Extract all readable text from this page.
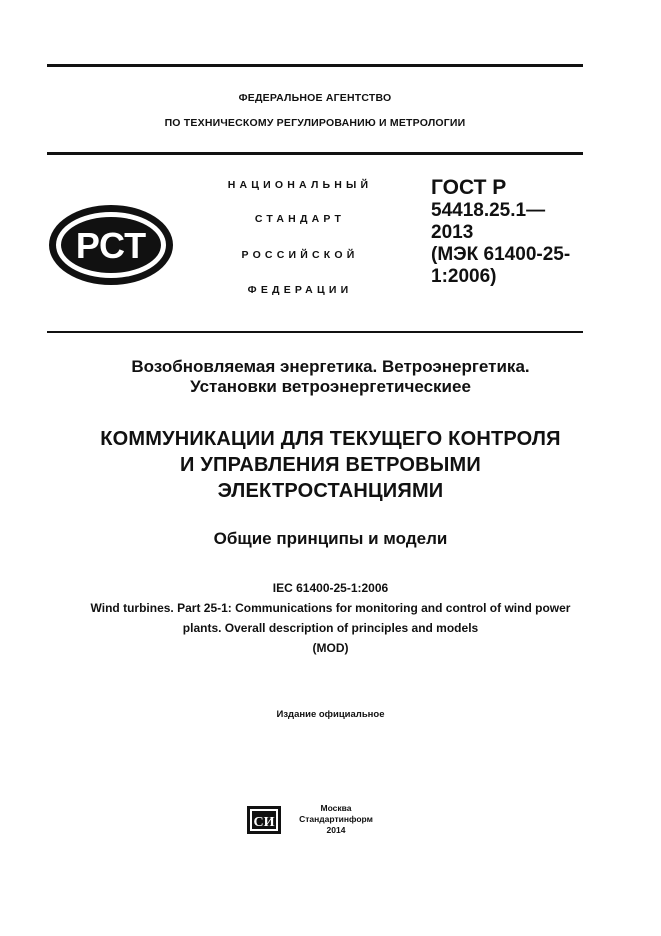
ФЕДЕРАЛЬНОЕ АГЕНТСТВО
ПО ТЕХНИЧЕСКОМУ РЕГУЛИРОВАНИЮ И МЕТРОЛОГИИ
РСТ
НАЦИОНАЛЬНЫЙ
СТАНДАРТ
РОССИЙСКОЙ
ФЕДЕРАЦИИ
ГОСТ Р
54418.25.1—
2013
(МЭК 61400-25-
1:2006)
Возобновляемая энергетика. Ветроэнергетика.
Установки ветроэнергетическиее
КОММУНИКАЦИИ ДЛЯ ТЕКУЩЕГО КОНТРОЛЯ
И УПРАВЛЕНИЯ ВЕТРОВЫМИ
ЭЛЕКТРОСТАНЦИЯМИ
Общие принципы и модели
IEC 61400-25-1:2006
Wind turbines. Part 25-1: Communications for monitoring and control of wind power
plants. Overall description of principles and models
(MOD)
Издание официальное
СИ
Москва
Стандартинформ
2014
